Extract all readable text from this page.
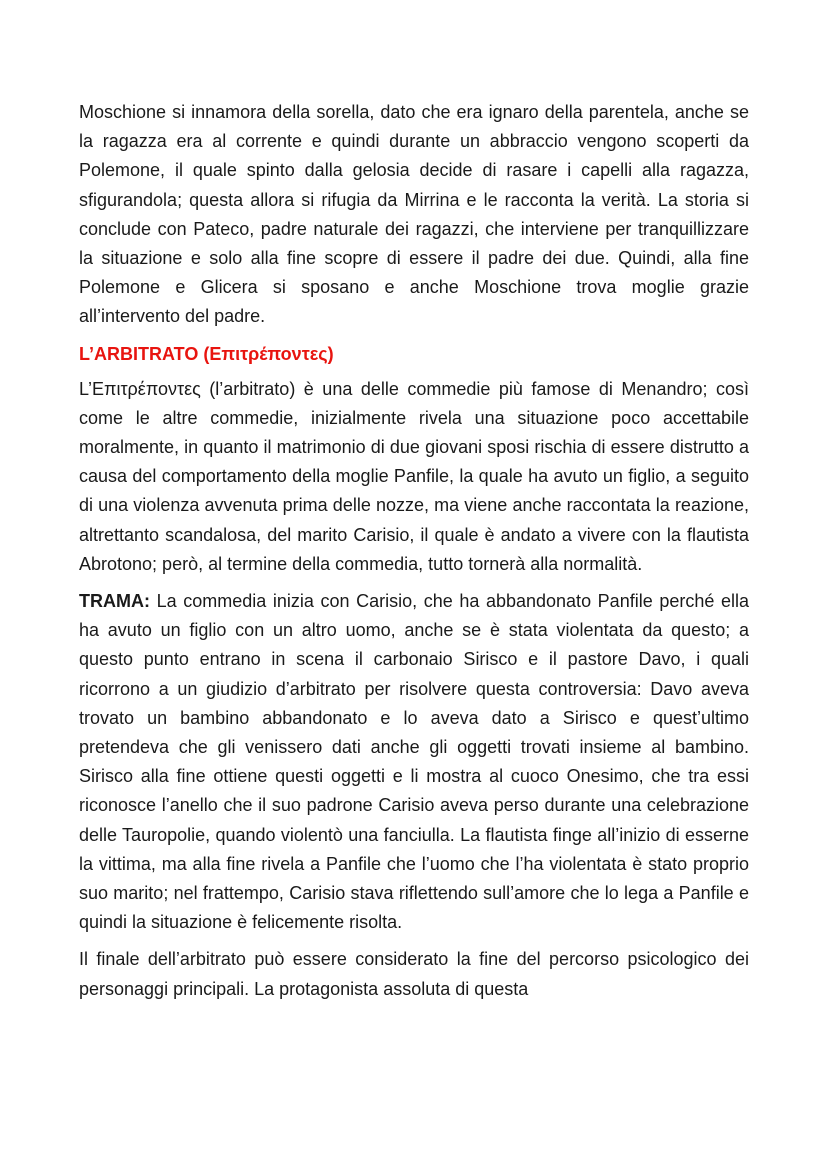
Moschione si innamora della sorella, dato che era ignaro della parentela, anche se la ragazza era al corrente e quindi durante un abbraccio vengono scoperti da Polemone, il quale spinto dalla gelosia decide di rasare i capelli alla ragazza, sfigurandola; questa allora si rifugia da Mirrina e le racconta la verità. La storia si conclude con Pateco, padre naturale dei ragazzi, che interviene per tranquillizzare la situazione e solo alla fine scopre di essere il padre dei due. Quindi, alla fine Polemone e Glicera si sposano e anche Moschione trova moglie grazie all’intervento del padre.

L’ARBITRATO (Επιτρέποντες)

L’Επιτρέποντες (l’arbitrato) è una delle commedie più famose di Menandro; così come le altre commedie, inizialmente rivela una situazione poco accettabile moralmente, in quanto il matrimonio di due giovani sposi rischia di essere distrutto a causa del comportamento della moglie Panfile, la quale ha avuto un figlio, a seguito di una violenza avvenuta prima delle nozze, ma viene anche raccontata la reazione, altrettanto scandalosa, del marito Carisio, il quale è andato a vivere con la flautista Abrotono; però, al termine della commedia, tutto tornerà alla normalità.

TRAMA: La commedia inizia con Carisio, che ha abbandonato Panfile perché ella ha avuto un figlio con un altro uomo, anche se è stata violentata da questo; a questo punto entrano in scena il carbonaio Sirisco e il pastore Davo, i quali ricorrono a un giudizio d’arbitrato per risolvere questa controversia: Davo aveva trovato un bambino abbandonato e lo aveva dato a Sirisco e quest’ultimo pretendeva che gli venissero dati anche gli oggetti trovati insieme al bambino. Sirisco alla fine ottiene questi oggetti e li mostra al cuoco Onesimo, che tra essi riconosce l’anello che il suo padrone Carisio aveva perso durante una celebrazione delle Tauropolie, quando violentò una fanciulla. La flautista finge all’inizio di esserne la vittima, ma alla fine rivela a Panfile che l’uomo che l’ha violentata è stato proprio suo marito; nel frattempo, Carisio stava riflettendo sull’amore che lo lega a Panfile e quindi la situazione è felicemente risolta.

Il finale dell’arbitrato può essere considerato la fine del percorso psicologico dei personaggi principali. La protagonista assoluta di questa
